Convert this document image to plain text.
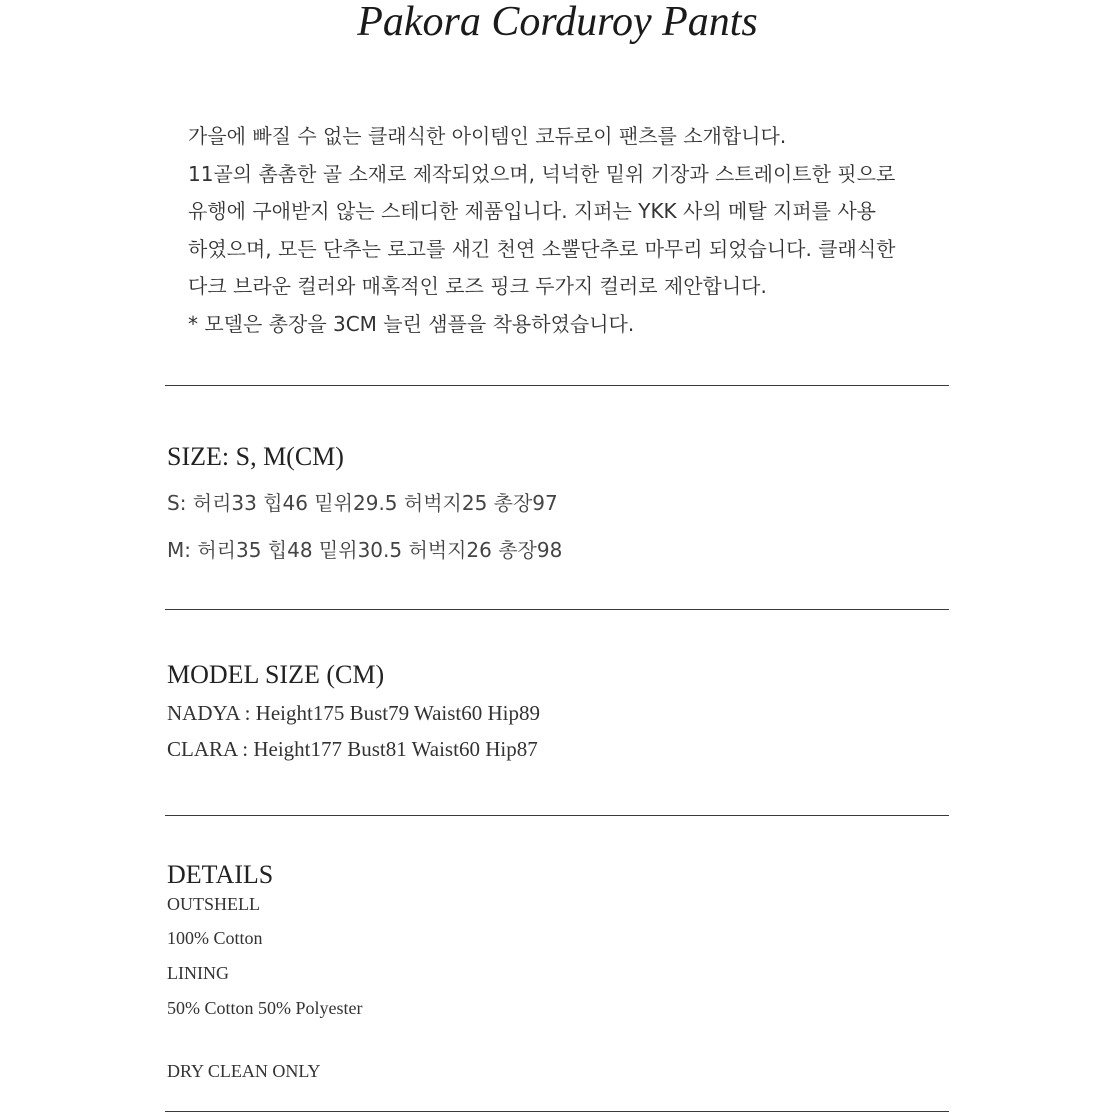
Pakora Corduroy Pants
가을에 빠질 수 없는 클래식한 아이템인 코듀로이 팬츠를 소개합니다.
11골의 촘촘한 골 소재로 제작되었으며, 넉넉한 밑위 기장과 스트레이트한 핏으로
유행에 구애받지 않는 스테디한 제품입니다. 지퍼는 YKK 사의 메탈 지퍼를 사용
하였으며, 모든 단추는 로고를 새긴 천연 소뿔단추로 마무리 되었습니다. 클래식한
다크 브라운 컬러와 매혹적인 로즈 핑크 두가지 컬러로 제안합니다.
* 모델은 총장을 3CM 늘린 샘플을 착용하였습니다.
SIZE: S, M(CM)
S: 허리33 힙46 밑위29.5 허벅지25 총장97
M: 허리35 힙48 밑위30.5 허벅지26 총장98
MODEL SIZE (CM)
NADYA : Height175 Bust79 Waist60 Hip89
CLARA : Height177 Bust81 Waist60 Hip87
DETAILS
OUTSHELL
100% Cotton
LINING
50% Cotton 50% Polyester
DRY CLEAN ONLY
